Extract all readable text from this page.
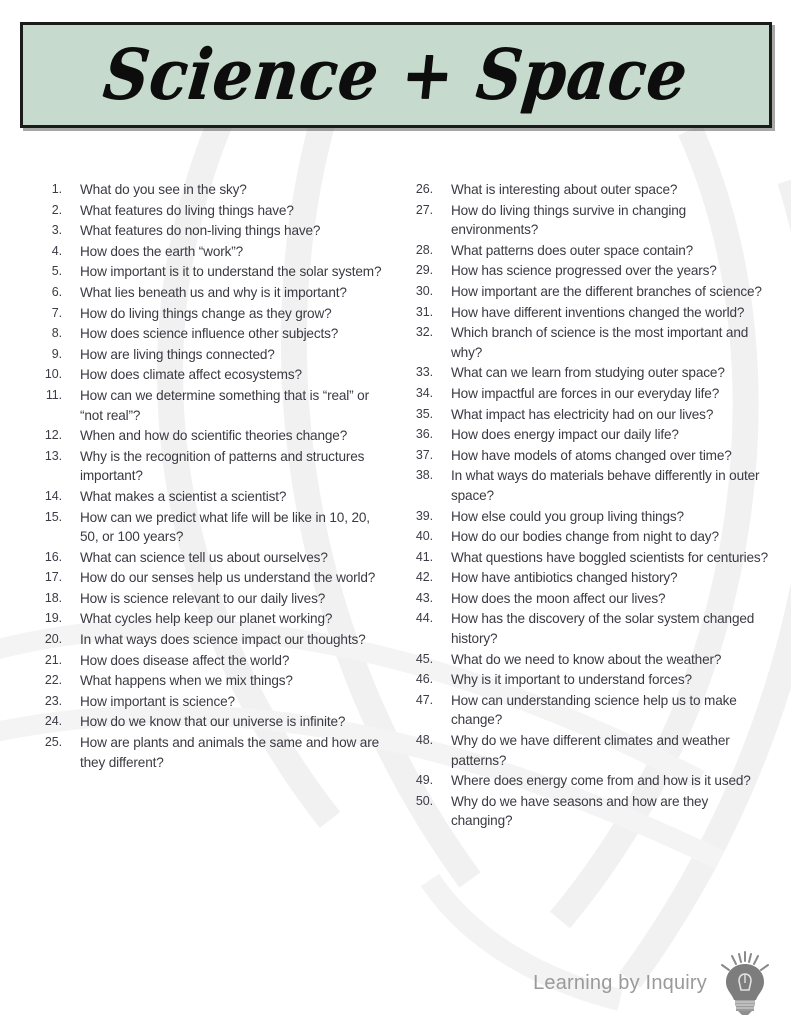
Science + Space
1.	What do you see in the sky?
2.	What features do living things have?
3.	What features do non-living things have?
4.	How does the earth “work”?
5.	How important is it to understand the solar system?
6.	What lies beneath us and why is it important?
7.	How do living things change as they grow?
8.	How does science influence other subjects?
9.	How are living things connected?
10.	How does climate affect ecosystems?
11.	How can we determine something that is “real” or “not real”?
12.	When and how do scientific theories change?
13.	Why is the recognition of patterns and structures important?
14.	What makes a scientist a scientist?
15.	How can we predict what life will be like in 10, 20, 50, or 100 years?
16.	What can science tell us about ourselves?
17.	How do our senses help us understand the world?
18.	How is science relevant to our daily lives?
19.	What cycles help keep our planet working?
20.	In what ways does science impact our thoughts?
21.	How does disease affect the world?
22.	What happens when we mix things?
23.	How important is science?
24.	How do we know that our universe is infinite?
25.	How are plants and animals the same and how are they different?
26.	What is interesting about outer space?
27.	How do living things survive in changing environments?
28.	What patterns does outer space contain?
29.	How has science progressed over the years?
30.	How important are the different branches of science?
31.	How have different inventions changed the world?
32.	Which branch of science is the most important and why?
33.	What can we learn from studying outer space?
34.	How impactful are forces in our everyday life?
35.	What impact has electricity had on our lives?
36.	How does energy impact our daily life?
37.	How have models of atoms changed over time?
38.	In what ways do materials behave differently in outer space?
39.	How else could you group living things?
40.	How do our bodies change from night to day?
41.	What questions have boggled scientists for centuries?
42.	How have antibiotics changed history?
43.	How does the moon affect our lives?
44.	How has the discovery of the solar system changed history?
45.	What do we need to know about the weather?
46.	Why is it important to understand forces?
47.	How can understanding science help us to make change?
48.	Why do we have different climates and weather patterns?
49.	Where does energy come from and how is it used?
50.	Why do we have seasons and how are they changing?
Learning by Inquiry
